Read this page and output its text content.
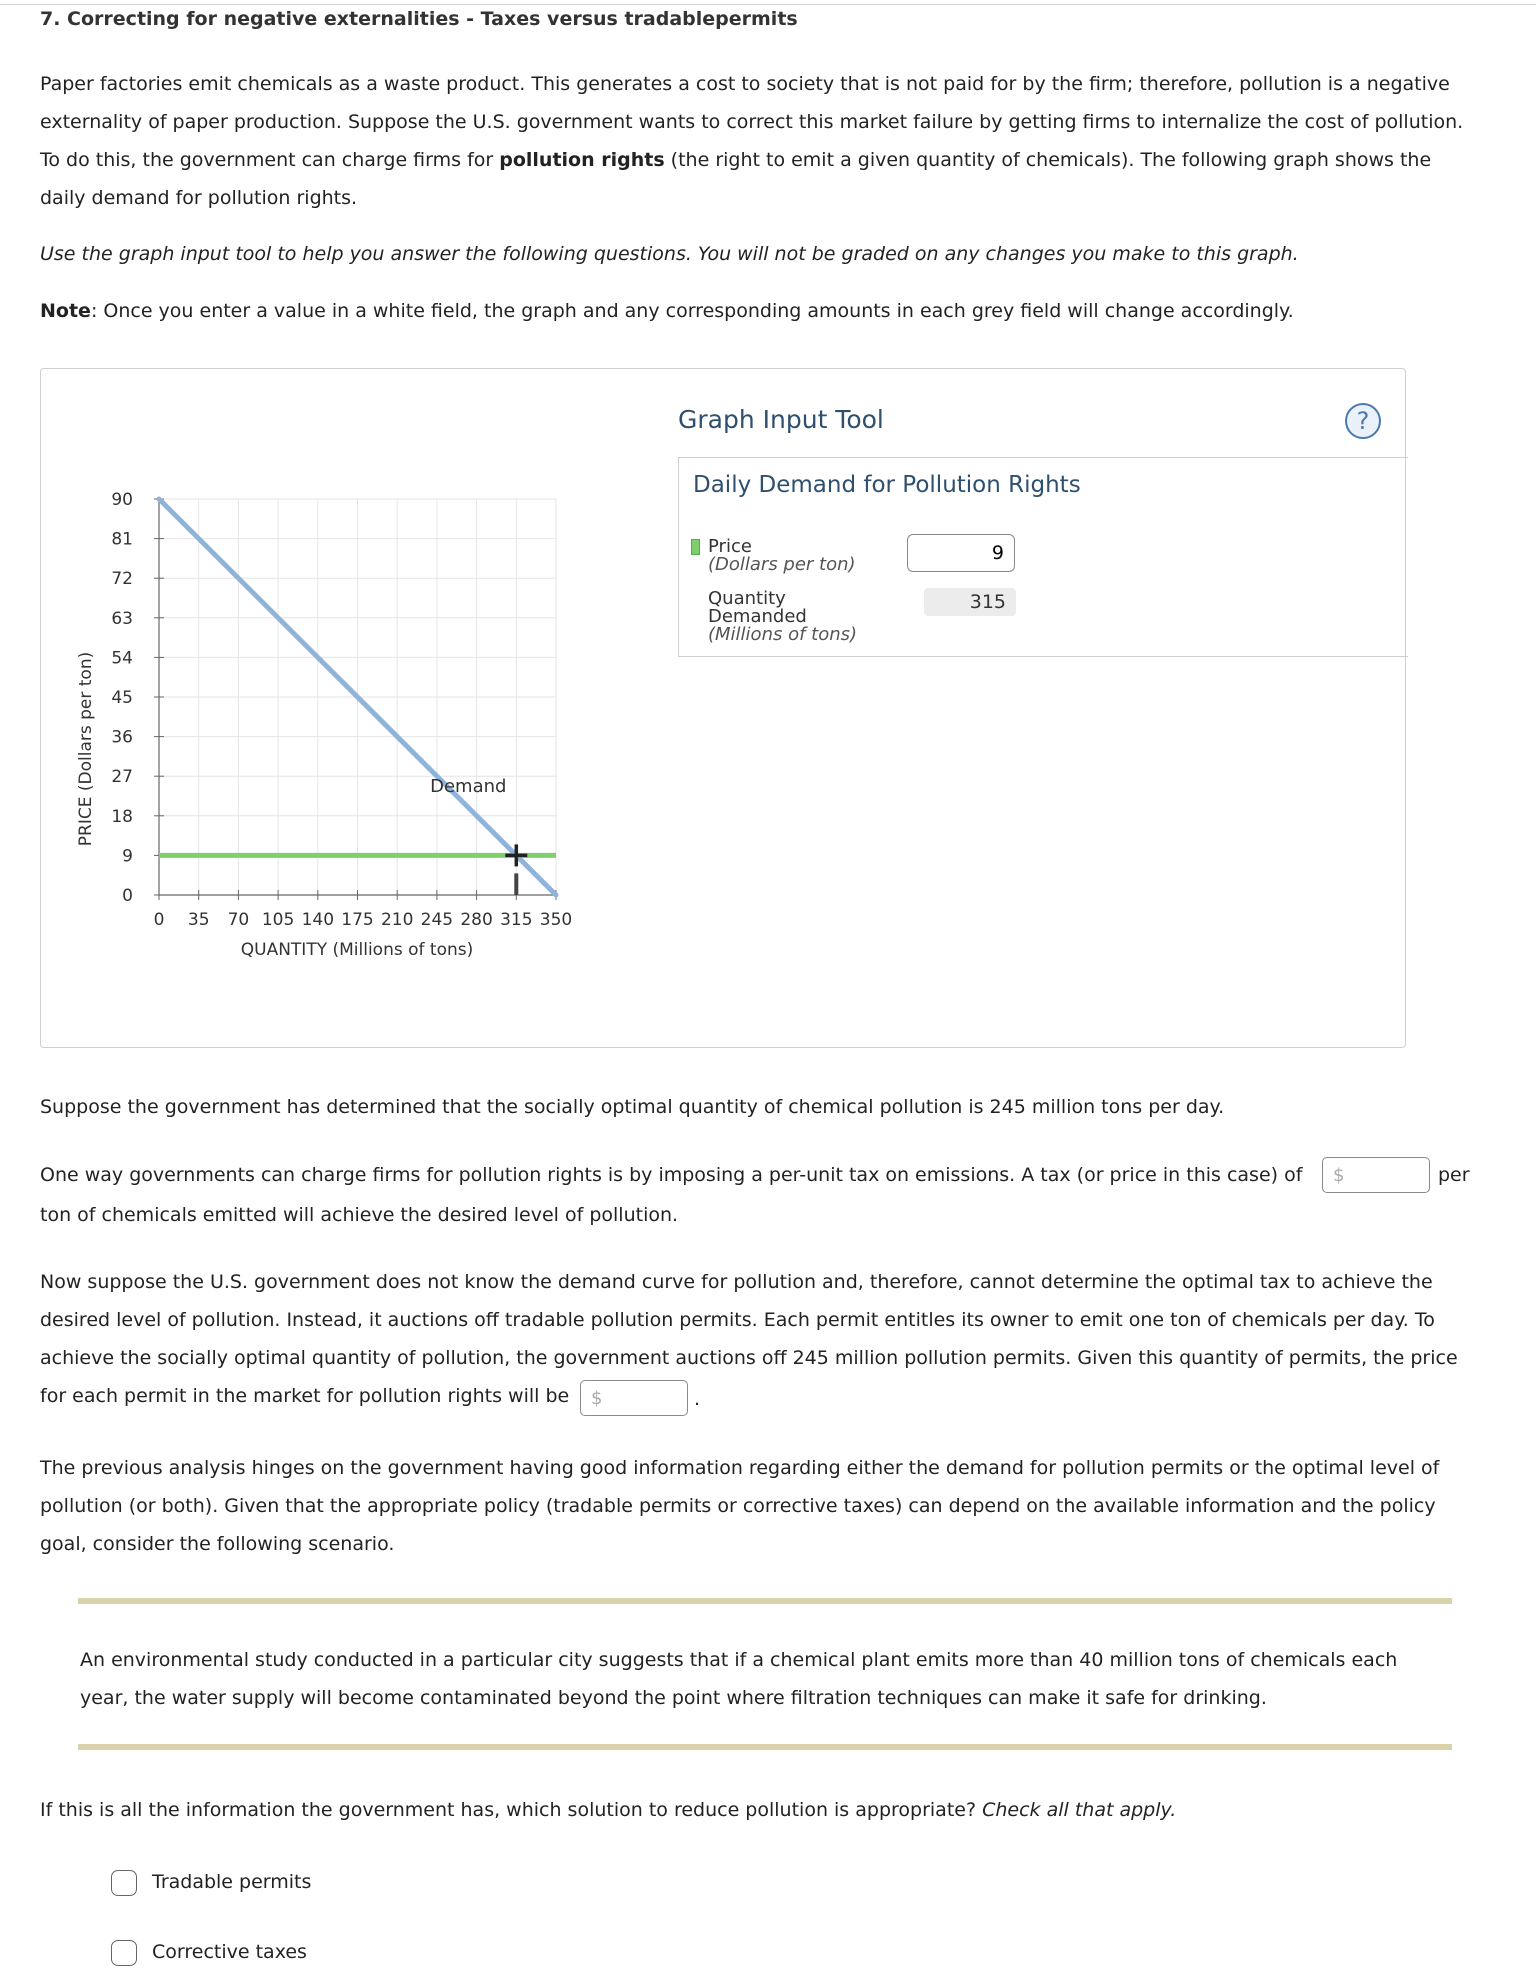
7. Correcting for negative externalities - Taxes versus tradablepermits

Paper factories emit chemicals as a waste product. This generates a cost to society that is not paid for by the firm; therefore, pollution is a negative externality of paper production. Suppose the U.S. government wants to correct this market failure by getting firms to internalize the cost of pollution. To do this, the government can charge firms for pollution rights (the right to emit a given quantity of chemicals). The following graph shows the daily demand for pollution rights.

Use the graph input tool to help you answer the following questions. You will not be graded on any changes you make to this graph.

Note: Once you enter a value in a white field, the graph and any corresponding amounts in each grey field will change accordingly.

0
9
18
27
36
45
54
63
72
81
90
0 35 70 105 140 175 210 245 280 315 350
PRICE (Dollars per ton)
QUANTITY (Millions of tons)
Demand
Graph Input Tool	?
Daily Demand for Pollution Rights
Price
(Dollars per ton)
9
Quantity
Demanded
(Millions of tons)
315

Suppose the government has determined that the socially optimal quantity of chemical pollution is 245 million tons per day.

One way governments can charge firms for pollution rights is by imposing a per-unit tax on emissions. A tax (or price in this case) of	$	per

ton of chemicals emitted will achieve the desired level of pollution.

Now suppose the U.S. government does not know the demand curve for pollution and, therefore, cannot determine the optimal tax to achieve the desired level of pollution. Instead, it auctions off tradable pollution permits. Each permit entitles its owner to emit one ton of chemicals per day. To achieve the socially optimal quantity of pollution, the government auctions off 245 million pollution permits. Given this quantity of permits, the price for each permit in the market for pollution rights will be	$	.

The previous analysis hinges on the government having good information regarding either the demand for pollution permits or the optimal level of pollution (or both). Given that the appropriate policy (tradable permits or corrective taxes) can depend on the available information and the policy goal, consider the following scenario.

An environmental study conducted in a particular city suggests that if a chemical plant emits more than 40 million tons of chemicals each year, the water supply will become contaminated beyond the point where filtration techniques can make it safe for drinking.

If this is all the information the government has, which solution to reduce pollution is appropriate? Check all that apply.

Tradable permits
Corrective taxes
